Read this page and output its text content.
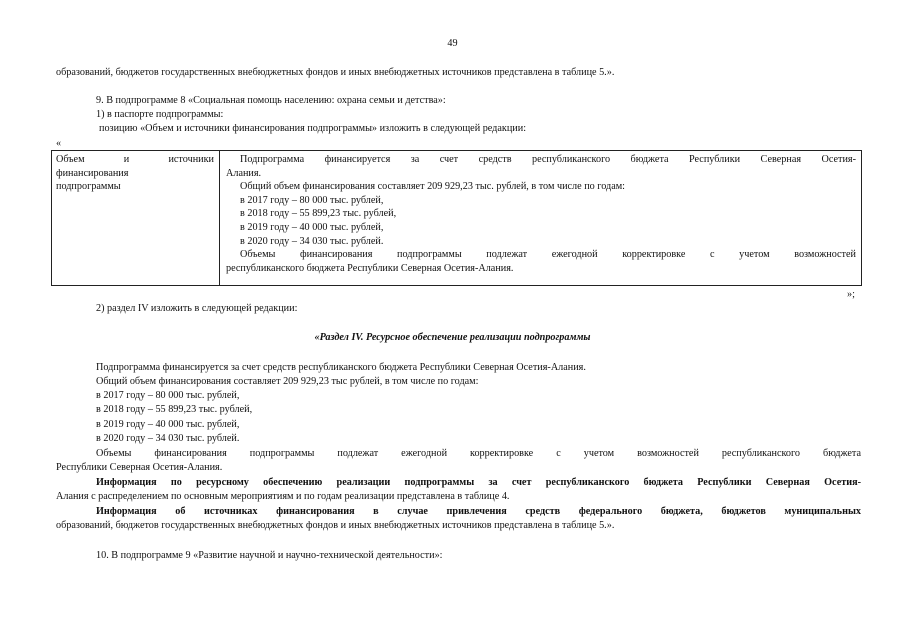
49
образований, бюджетов государственных внебюджетных фондов и иных внебюджетных источников представлена в таблице 5.».
9. В подпрограмме 8 «Социальная помощь населению: охрана семьи и детства»:
1) в паспорте подпрограммы:
позицию «Объем и источники финансирования подпрограммы» изложить в следующей редакции:
«
Объем	и	источники
финансирования
подпрограммы
Подпрограмма финансируется за счет средств республиканского бюджета Республики Северная Осетия-
Алания.
Общий объем финансирования составляет 209 929,23 тыс. рублей, в том числе по годам:
в 2017 году – 80 000 тыс. рублей,
в 2018 году – 55 899,23 тыс. рублей,
в 2019 году – 40 000 тыс. рублей,
в 2020 году – 34 030 тыс. рублей.
Объемы финансирования подпрограммы подлежат ежегодной корректировке с учетом возможностей
республиканского бюджета Республики Северная Осетия-Алания.
»;
2) раздел IV изложить в следующей редакции:
«Раздел IV. Ресурсное обеспечение реализации подпрограммы
Подпрограмма финансируется за счет средств республиканского бюджета Республики Северная Осетия-Алания.
Общий объем финансирования составляет 209 929,23 тыс рублей, в том числе по годам:
в 2017 году – 80 000 тыс. рублей,
в 2018 году – 55 899,23 тыс. рублей,
в 2019 году – 40 000 тыс. рублей,
в 2020 году – 34 030 тыс. рублей.
Объемы финансирования подпрограммы подлежат ежегодной корректировке с учетом возможностей республиканского бюджета
Республики Северная Осетия-Алания.
Информация по ресурсному обеспечению реализации подпрограммы за счет республиканского бюджета Республики Северная Осетия-
Алания с распределением по основным мероприятиям и по годам реализации представлена в таблице 4.
Информация об источниках финансирования в случае привлечения средств федерального бюджета, бюджетов муниципальных
образований, бюджетов государственных внебюджетных фондов и иных внебюджетных источников представлена в таблице 5.».
10. В подпрограмме 9 «Развитие научной и научно-технической деятельности»:
